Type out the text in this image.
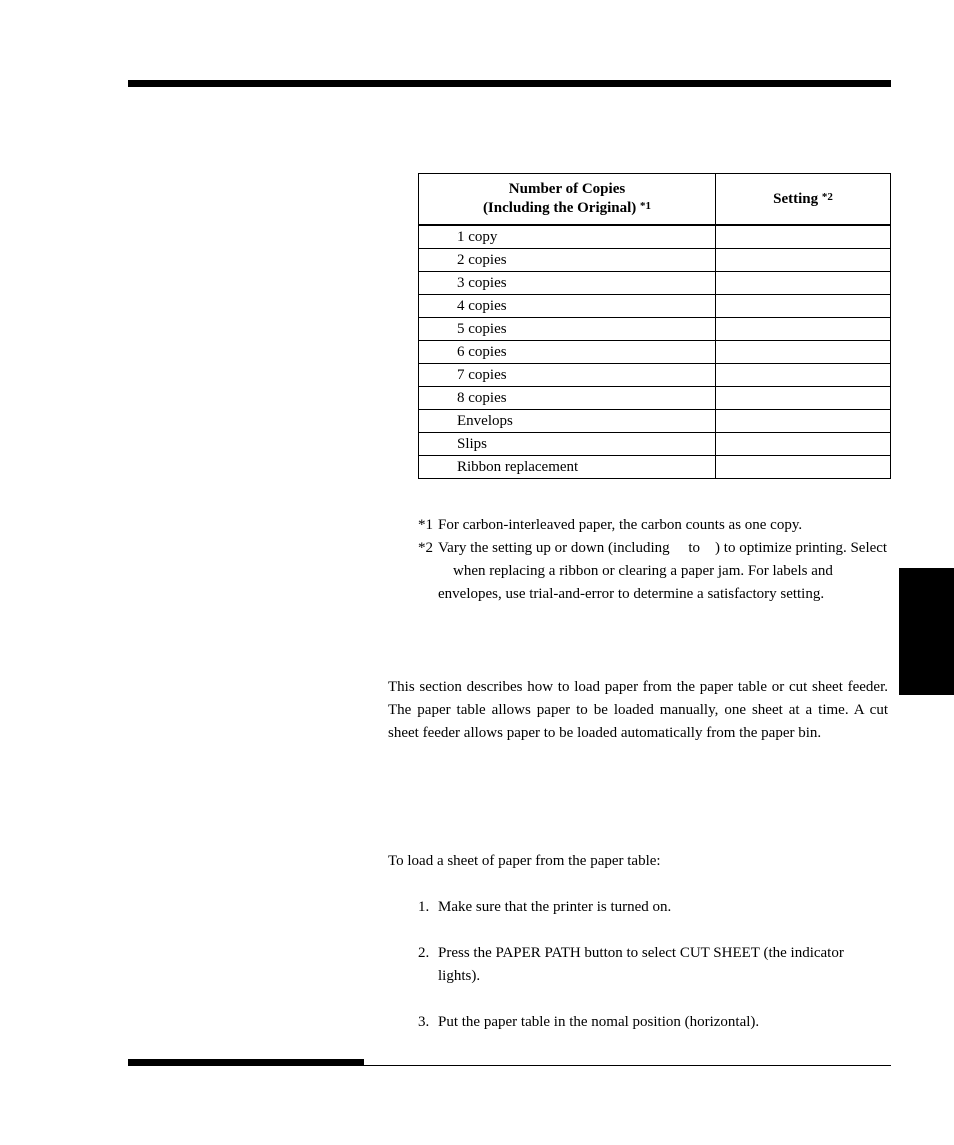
Number of Copies
(Including the Original) $^{*1}$	Setting $^{*2}$
1 copy	
2 copies	
3 copies	
4 copies	
5 copies	
6 copies	
7 copies	
8 copies	
Envelops	
Slips	
Ribbon replacement	
*1 For carbon-interleaved paper, the carbon counts as one copy.
*2 Vary the setting up or down (including     to    ) to optimize printing. Select     when replacing a ribbon or clearing a paper jam. For labels and envelopes, use trial-and-error to determine a satisfactory setting.

This section describes how to load paper from the paper table or cut sheet feeder. The paper table allows paper to be loaded manually, one sheet at a time. A cut sheet feeder allows paper to be loaded automatically from the paper bin.

To load a sheet of paper from the paper table:

1. Make sure that the printer is turned on.
2. Press the PAPER PATH button to select CUT SHEET (the indicator lights).
3. Put the paper table in the nomal position (horizontal).
